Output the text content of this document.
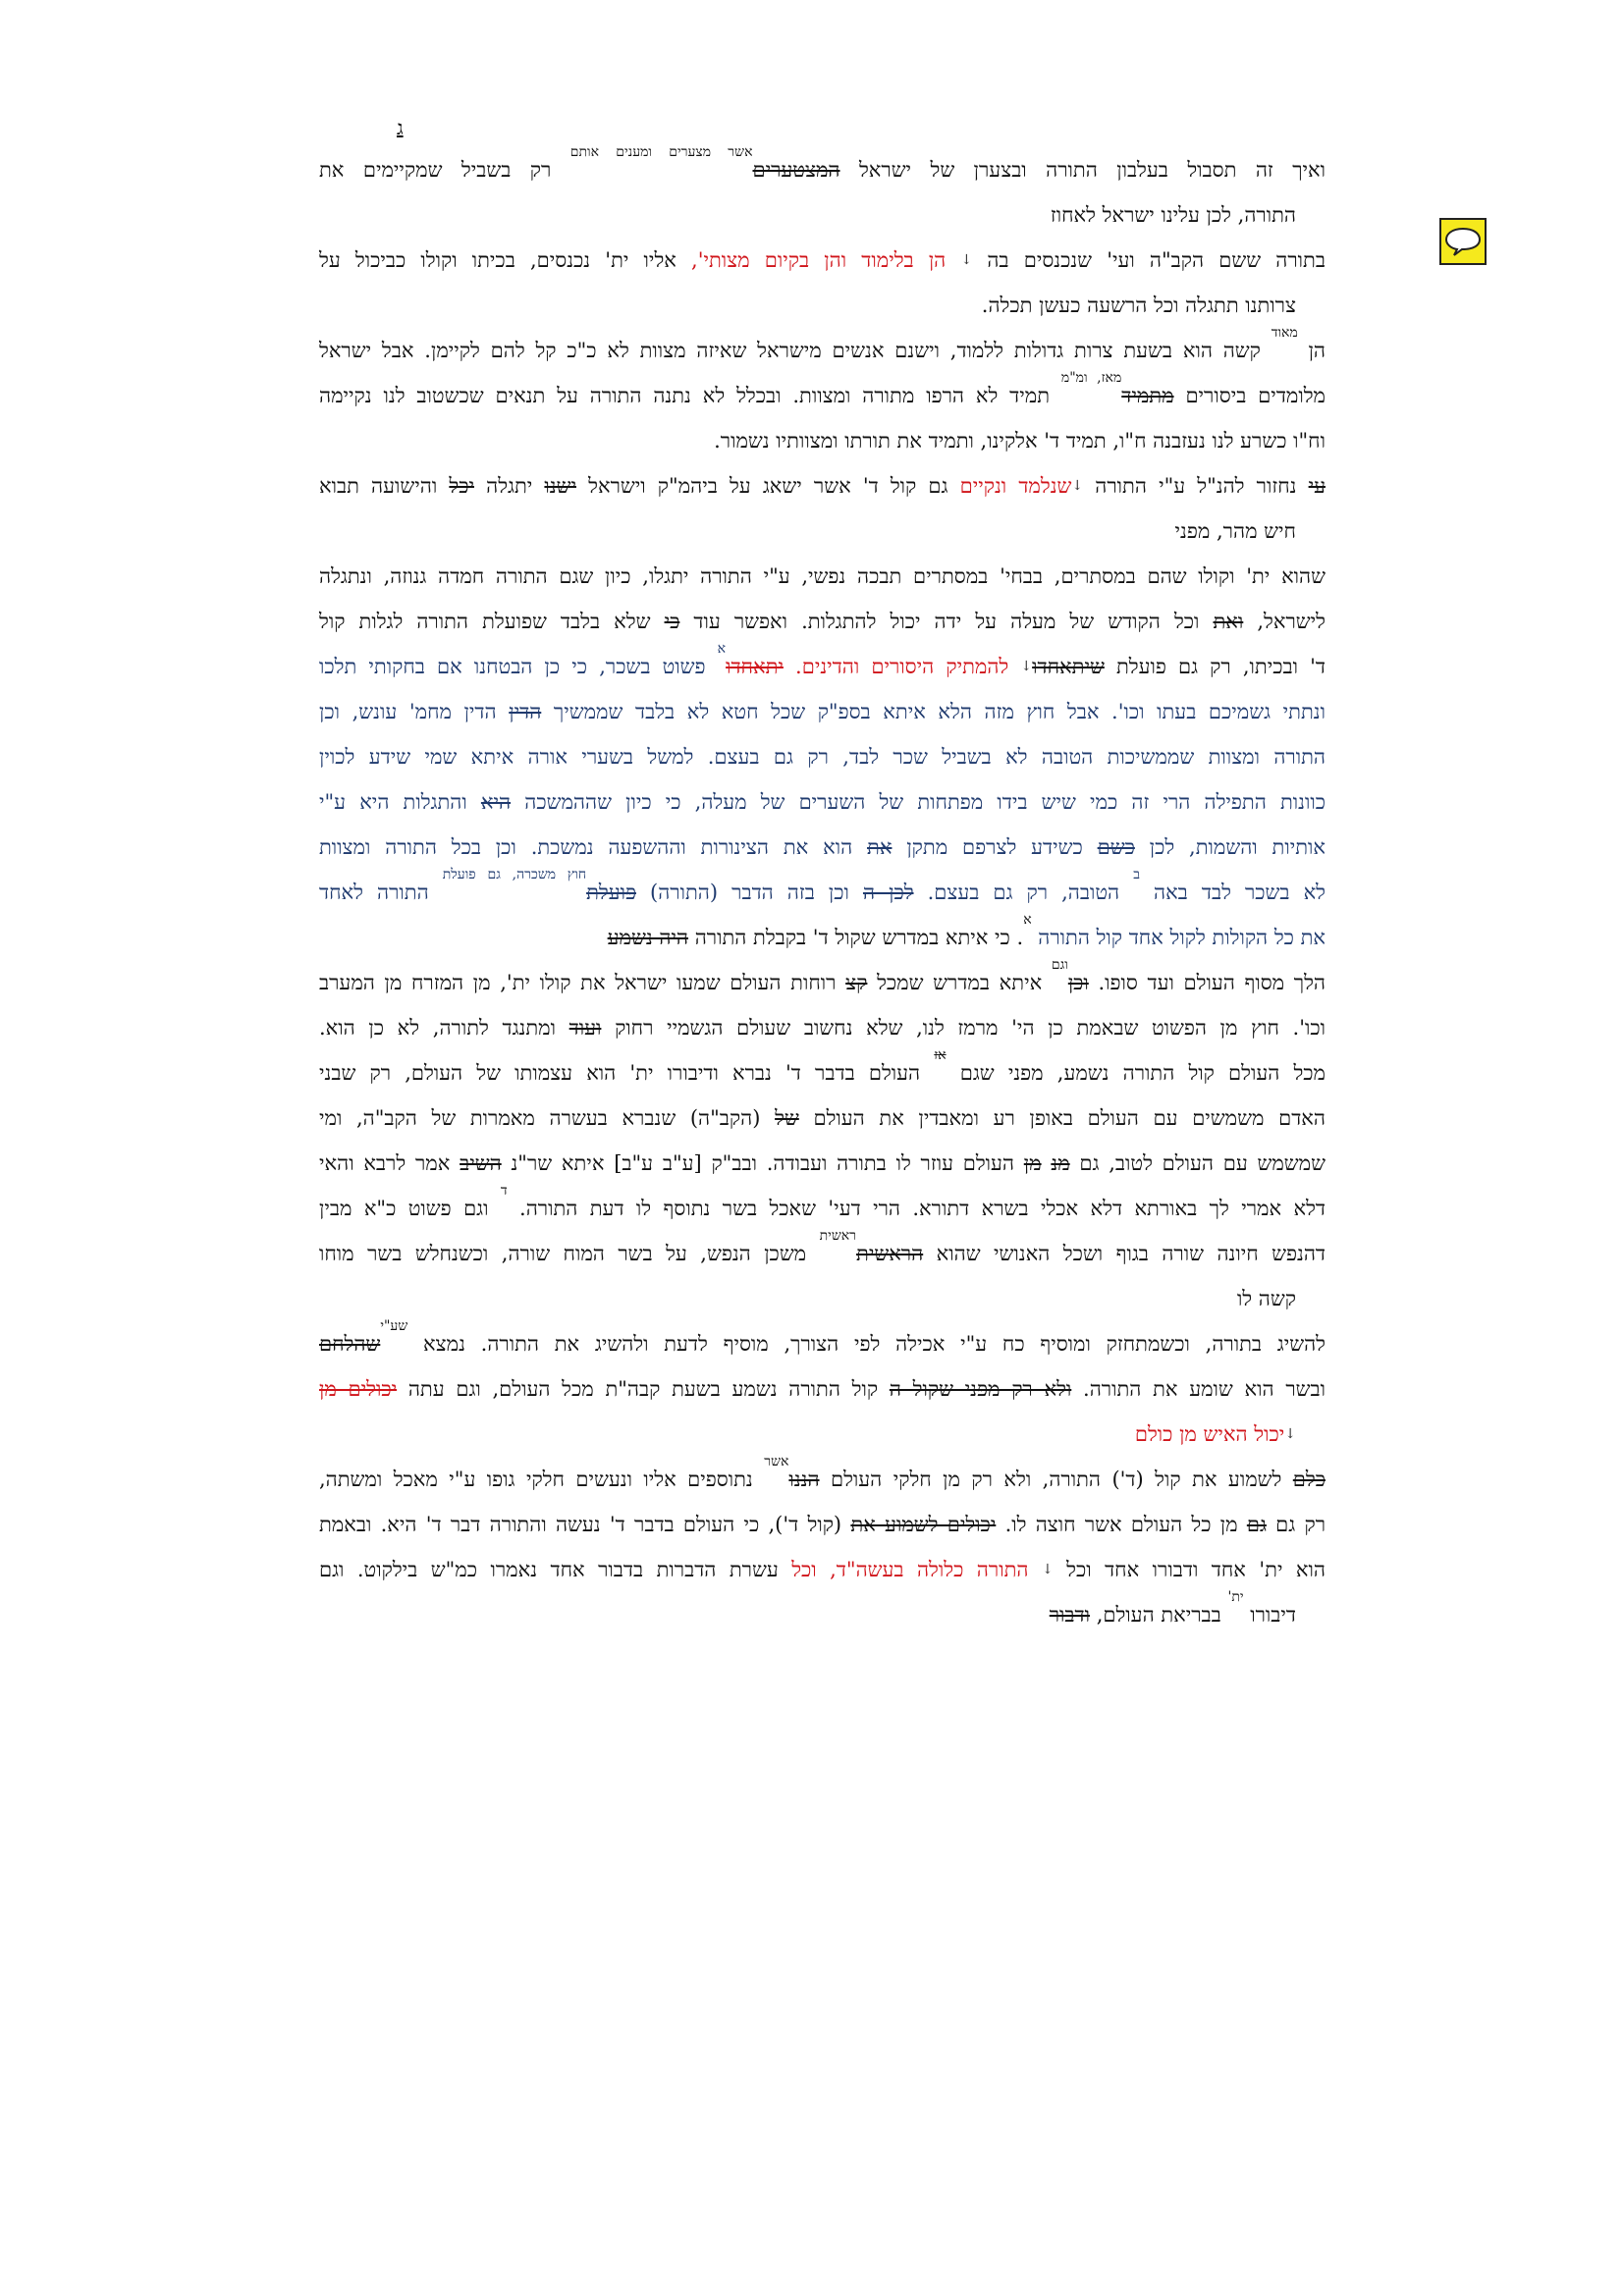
ג
ואיך זה תסבול בעלבון התורה ובצערן של ישראל המצטערים$^{אשר מצערים ומענים אותם}$ רק בשביל שמקיימים את
התורה, לכן עלינו ישראל לאחוז
בתורה ששם הקב"ה ועי' שנכנסים בה ↓ הן בלימוד והן בקיום מצותי', אליו ית' נכנסים, בכיתו וקולו כביכול על
צרותנו תתגלה וכל הרשעה כעשן תכלה.
הן $^{מאוד}$ קשה הוא בשעת צרות גדולות ללמוד, וישנם אנשים מישראל שאיזה מצוות לא כ"כ קל להם לקיימן. אבל ישראל
מלומדים ביסורים מתמיד$^{מאז, ומ"מ}$ תמיד לא הרפו מתורה ומצוות. ובכלל לא נתנה התורה על תנאים שכשטוב לנו נקיימה
וח"ו כשרע לנו נעזבנה ח"ו, תמיד ד' אלקינו, ותמיד את תורתו ומצוותיו נשמור.
עי נחזור להנ"ל ע"י התורה ↓שנלמד ונקיים גם קול ד' אשר ישאג על ביהמ"ק וישראל ישנו יתגלה יכל והישועה תבוא
חיש מהר, מפני
שהוא ית' וקולו שהם במסתרים, בבחי' במסתרים תבכה נפשי, ע"י התורה יתגלו, כיון שגם התורה חמדה גנוזה, ונתגלה
לישראל, ואת וכל הקודש של מעלה על ידה יכול להתגלות. ואפשר עוד כי שלא בלבד שפועלת התורה לגלות קול
ד' ובכיתו, רק גם פועלת שיתאחדו↓ להמתיק היסורים והדינים. יתאחדו$^א$ פשוט בשכר, כי כן הבטחנו אם בחקותי תלכו
ונתתי גשמיכם בעתו וכו'. אבל חוץ מזה הלא איתא בספ"ק שכל חטא לא בלבד שממשיך הדין הדין מחמ' עונש, וכן
התורה ומצוות שממשיכות הטובה לא בשביל שכר לבד, רק גם בעצם. למשל בשערי אורה איתא שמי שידע לכוין
כוונות התפילה הרי זה כמי שיש בידו מפתחות של השערים של מעלה, כי כיון שההמשכה היא והתגלות היא ע"י
אותיות והשמות, לכן כשם כשידע לצרפם מתקן את הוא את הצינורות וההשפעה נמשכת. וכן בכל התורה ומצוות
לא בשכר לבד באה $^ב$ הטובה, רק גם בעצם. לכן ה וכן בזה הדבר (התורה) פועלת$^{חוץ משכרה, גם פועלת}$ התורה לאחד
את כל הקולות לקול אחד קול התורה $^א$. כי איתא במדרש שקול ד' בקבלת התורה היה נשמע
הלך מסוף העולם ועד סופו. וכן$^{וגם}$ איתא במדרש שמכל קצ רוחות העולם שמעו ישראל את קולו ית', מן המזרח מן המערב
וכו'. חוץ מן הפשוט שבאמת כן הי' מרמז לנו, שלא נחשוב שעולם הגשמיי רחוק ועוד ומתנגד לתורה, לא כן הוא.
מכל העולם קול התורה נשמע, מפני שגם $^{אז}$ העולם בדבר ד' נברא ודיבורו ית' הוא עצמותו של העולם, רק שבני
האדם משמשים עם העולם באופן רע ומאבדין את העולם של (הקב"ה) שנברא בעשרה מאמרות של הקב"ה, ומי
שמשמש עם העולם לטוב, גם מנ מן העולם עוזר לו בתורה ועבודה. ובב"ק [ע"ב ע"ב] איתא שר"נ השיב אמר לרבא והאי
דלא אמרי לך באורתא דלא אכלי בשרא דתורא. הרי דעי' שאכל בשר נתוסף לו דעת התורה. $^ד$ וגם פשוט כ"א מבין
דהנפש חיונה שורה בגוף ושכל האנושי שהוא הראשית$^{ראשית}$ משכן הנפש, על בשר המוח שורה, וכשנחלש בשר מוחו
קשה לו
להשיג בתורה, וכשמתחזק ומוסיף כח ע"י אכילה לפי הצורך, מוסיף לדעת ולהשיג את התורה. נמצא $^{שע"י}$שהלחם
ובשר הוא שומע את התורה. ולא רק מפני שקול ה קול התורה נשמע בשעת קבה"ת מכל העולם, וגם עתה יכולים מן
↓יכול האיש מן כולם
כלם לשמוע את קול (ד') התורה, ולא רק מן חלקי העולם הננו$^{אשר}$ נתוספים אליו ונעשים חלקי גופו ע"י מאכל ומשתה,
רק גם גם מן כל העולם אשר חוצה לו. יכולים לשמוע את (קול ד'), כי העולם בדבר ד' נעשה והתורה דבר ד' היא. ובאמת
הוא ית' אחד ודבורו אחד וכל ↓ התורה כלולה בעשה"ד, וכל עשרת הדברות בדבור אחד נאמרו כמ"ש בילקוט. וגם
דיבורו $^{ית'}$ בבריאת העולם, ודבור
